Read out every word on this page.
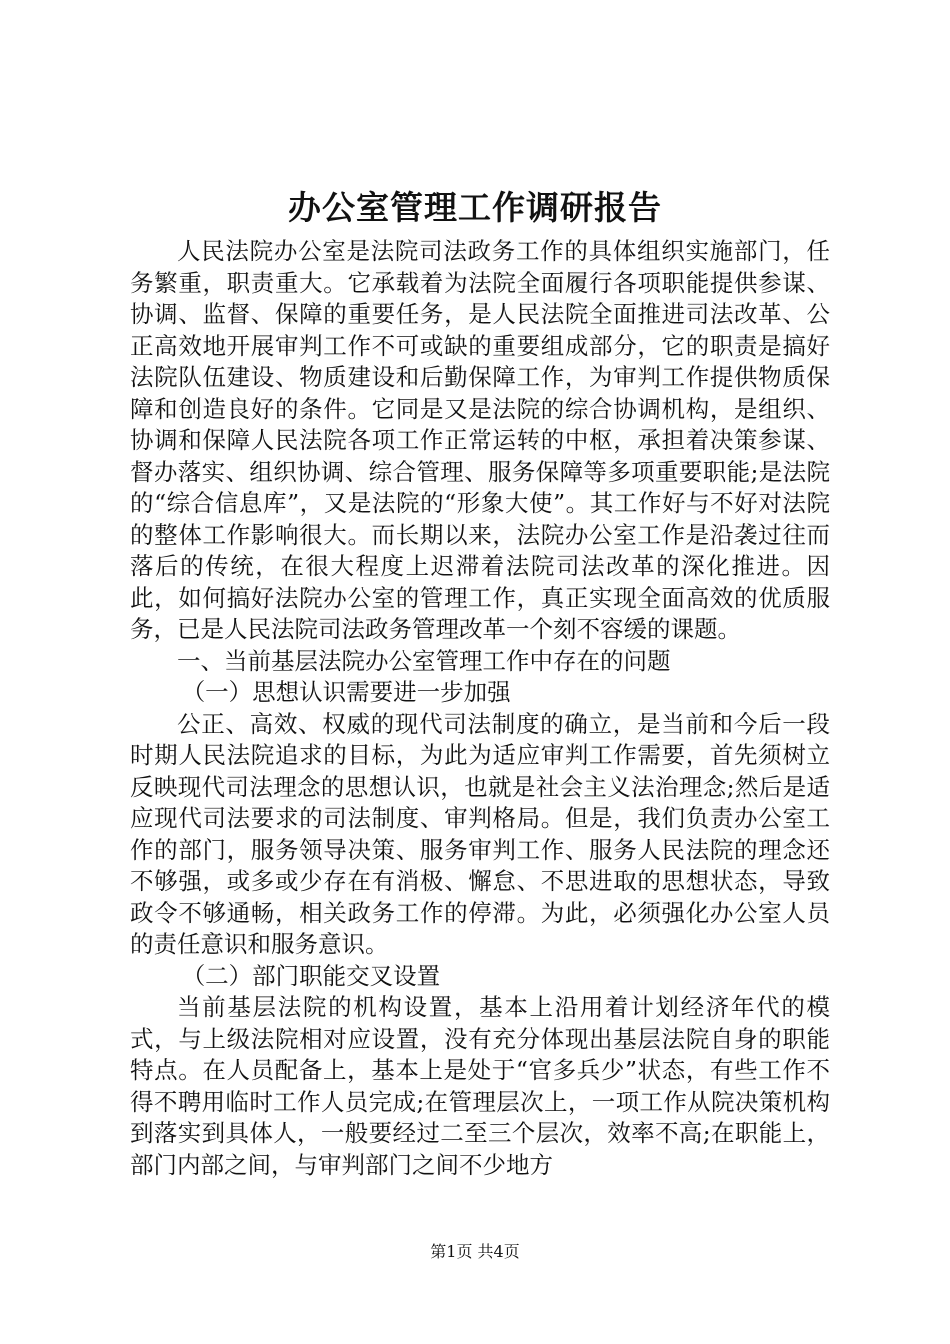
办公室管理工作调研报告

人民法院办公室是法院司法政务工作的具体组织实施部门，任务繁重，职责重大。它承载着为法院全面履行各项职能提供参谋、协调、监督、保障的重要任务，是人民法院全面推进司法改革、公正高效地开展审判工作不可或缺的重要组成部分，它的职责是搞好法院队伍建设、物质建设和后勤保障工作，为审判工作提供物质保障和创造良好的条件。它同是又是法院的综合协调机构，是组织、协调和保障人民法院各项工作正常运转的中枢，承担着决策参谋、督办落实、组织协调、综合管理、服务保障等多项重要职能;是法院的“综合信息库”，又是法院的“形象大使”。其工作好与不好对法院的整体工作影响很大。而长期以来，法院办公室工作是沿袭过往而落后的传统，在很大程度上迟滞着法院司法改革的深化推进。因此，如何搞好法院办公室的管理工作，真正实现全面高效的优质服务，已是人民法院司法政务管理改革一个刻不容缓的课题。

一、当前基层法院办公室管理工作中存在的问题

（一）思想认识需要进一步加强

公正、高效、权威的现代司法制度的确立，是当前和今后一段时期人民法院追求的目标，为此为适应审判工作需要，首先须树立反映现代司法理念的思想认识，也就是社会主义法治理念;然后是适应现代司法要求的司法制度、审判格局。但是，我们负责办公室工作的部门，服务领导决策、服务审判工作、服务人民法院的理念还不够强，或多或少存在有消极、懈怠、不思进取的思想状态，导致政令不够通畅，相关政务工作的停滞。为此，必须强化办公室人员的责任意识和服务意识。

（二）部门职能交叉设置

当前基层法院的机构设置，基本上沿用着计划经济年代的模式，与上级法院相对应设置，没有充分体现出基层法院自身的职能特点。在人员配备上，基本上是处于“官多兵少”状态，有些工作不得不聘用临时工作人员完成;在管理层次上，一项工作从院决策机构到落实到具体人，一般要经过二至三个层次，效率不高;在职能上，部门内部之间，与审判部门之间不少地方

第1页 共4页
